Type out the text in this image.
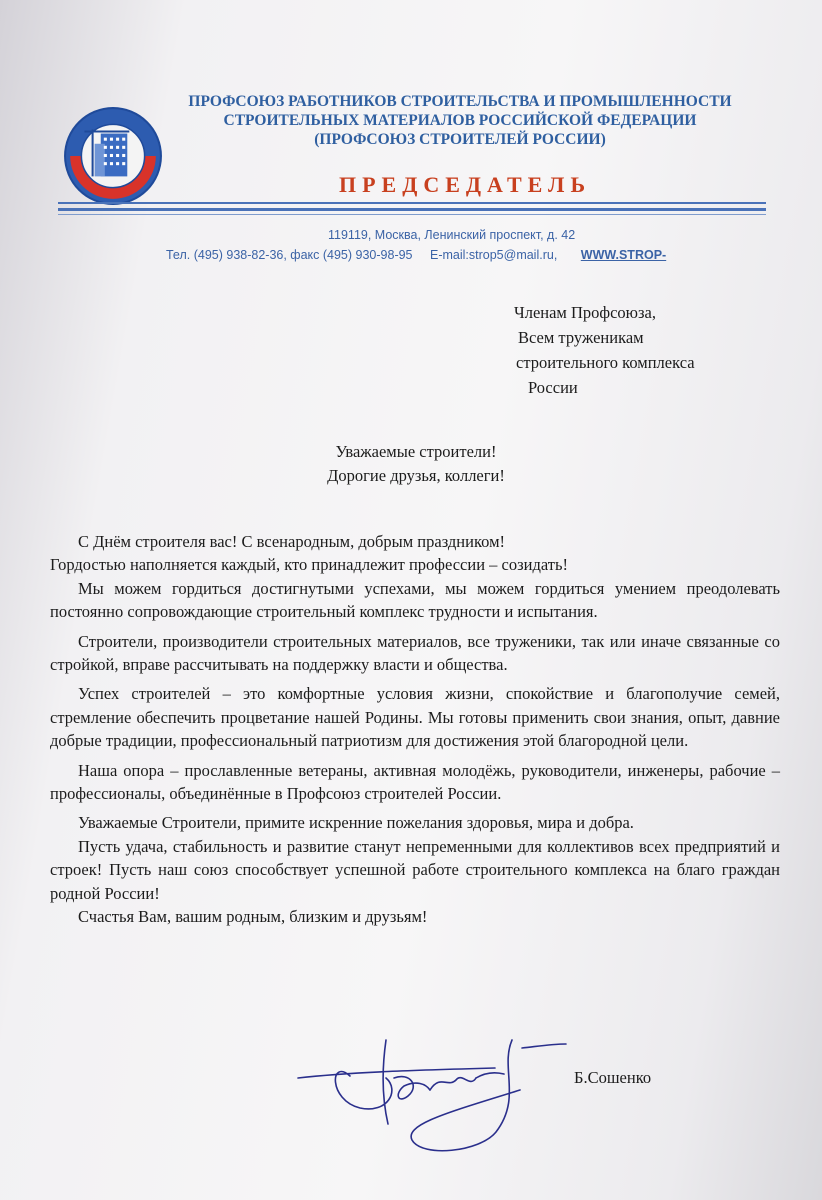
ПРОФСОЮЗ РАБОТНИКОВ СТРОИТЕЛЬСТВА И ПРОМЫШЛЕННОСТИ
СТРОИТЕЛЬНЫХ МАТЕРИАЛОВ РОССИЙСКОЙ ФЕДЕРАЦИИ
(ПРОФСОЮЗ СТРОИТЕЛЕЙ РОССИИ)
ПРЕДСЕДАТЕЛЬ
119119, Москва, Ленинский проспект, д. 42
Тел. (495) 938-82-36, факс (495) 930-98-95 E-mail:strop5@mail.ru, WWW.STROP-
Членам Профсоюза,
Всем труженикам
строительного комплекса
России
Уважаемые строители!
Дорогие друзья, коллеги!

С Днём строителя вас! С всенародным, добрым праздником!

Гордостью наполняется каждый, кто принадлежит профессии – созидать!

Мы можем гордиться достигнутыми успехами, мы можем гордиться умением преодолевать постоянно сопровождающие строительный комплекс трудности и испытания.

Строители, производители строительных материалов, все труженики, так или иначе связанные со стройкой, вправе рассчитывать на поддержку власти и общества.

Успех строителей – это комфортные условия жизни, спокойствие и благополучие семей, стремление обеспечить процветание нашей Родины. Мы готовы применить свои знания, опыт, давние добрые традиции, профессиональный патриотизм для достижения этой благородной цели.

Наша опора – прославленные ветераны, активная молодёжь, руководители, инженеры, рабочие – профессионалы, объединённые в Профсоюз строителей России.

Уважаемые Строители, примите искренние пожелания здоровья, мира и добра.

Пусть удача, стабильность и развитие станут непременными для коллективов всех предприятий и строек! Пусть наш союз способствует успешной работе строительного комплекса на благо граждан родной России!

Счастья Вам, вашим родным, близким и друзьям!

Б.Сошенко
